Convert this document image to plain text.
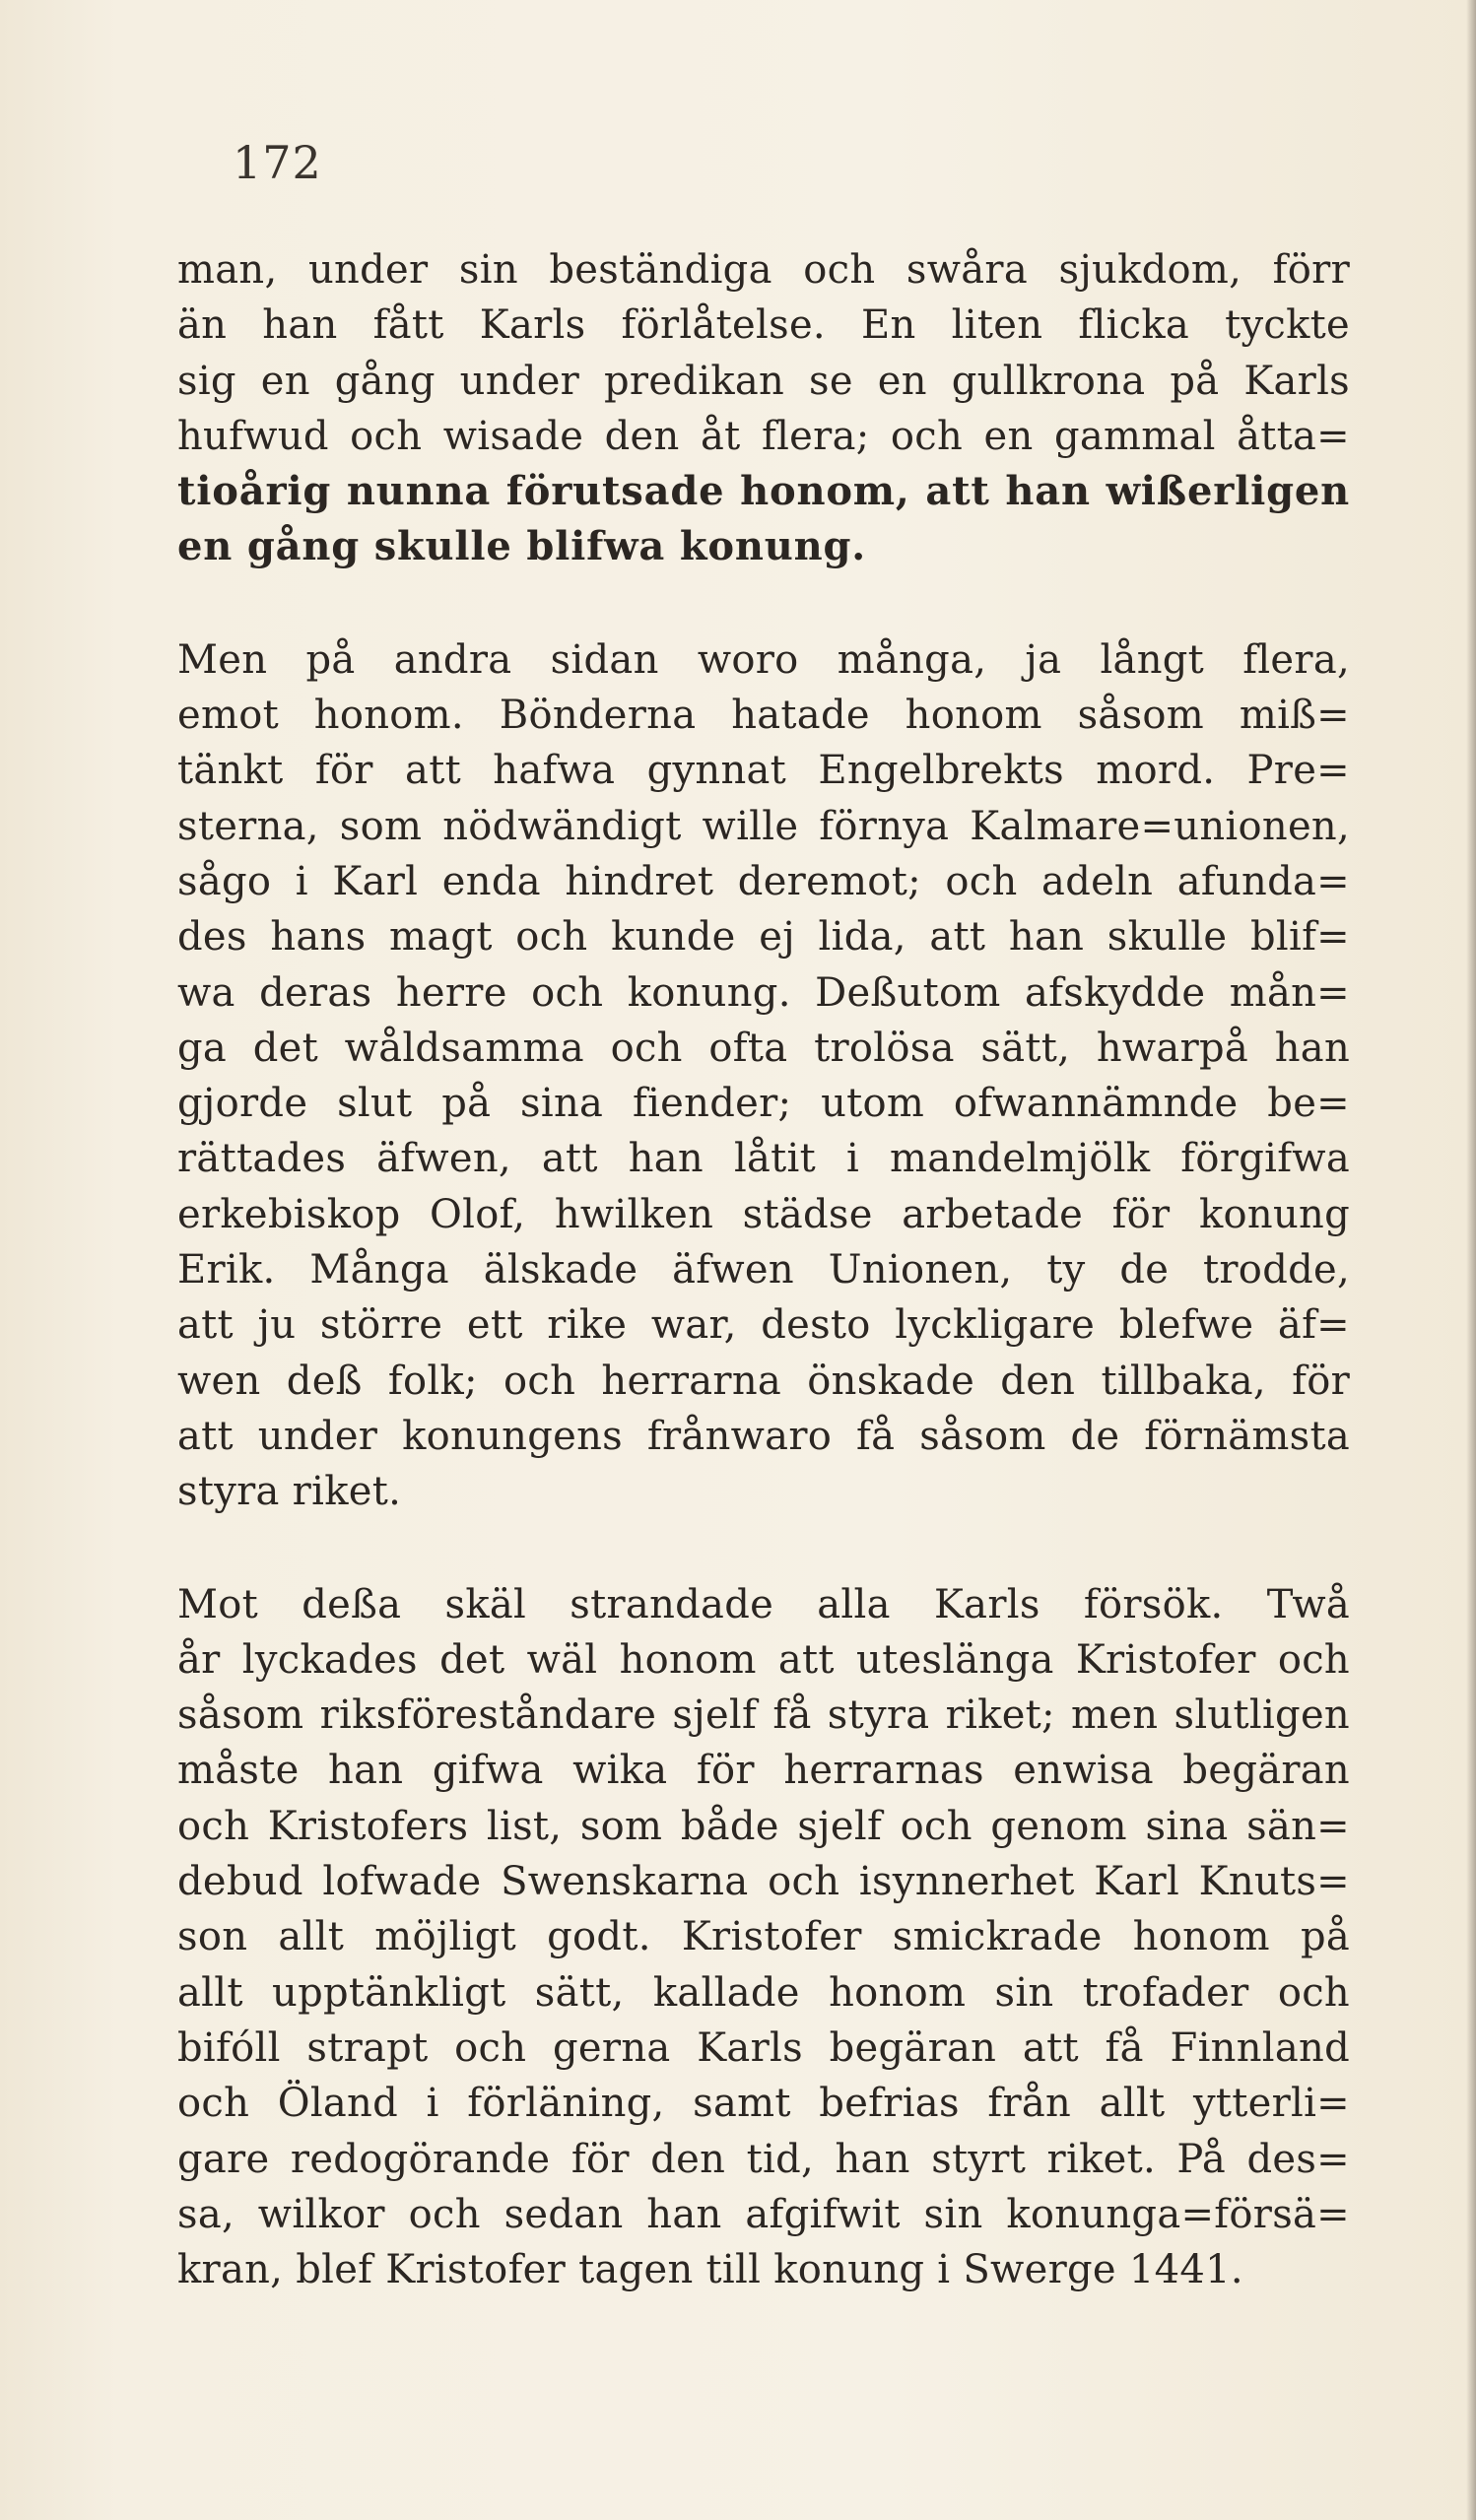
172

man, under sin beständiga och swåra sjukdom, förr
än han fått Karls förlåtelse. En liten flicka tyckte
sig en gång under predikan se en gullkrona på Karls
hufwud och wisade den åt flera; och en gammal åtta=
tioårig nunna förutsade honom, att han wißerligen
en gång skulle blifwa konung.

Men på andra sidan woro många, ja långt flera,
emot honom. Bönderna hatade honom såsom miß=
tänkt för att hafwa gynnat Engelbrekts mord. Pre=
sterna, som nödwändigt wille förnya Kalmare=unionen,
sågo i Karl enda hindret deremot; och adeln afunda=
des hans magt och kunde ej lida, att han skulle blif=
wa deras herre och konung. Deßutom afskydde mån=
ga det wåldsamma och ofta trolösa sätt, hwarpå han
gjorde slut på sina fiender; utom ofwannämnde be=
rättades äfwen, att han låtit i mandelmjölk förgifwa
erkebiskop Olof, hwilken städse arbetade för konung
Erik. Många älskade äfwen Unionen, ty de trodde,
att ju större ett rike war, desto lyckligare blefwe äf=
wen deß folk; och herrarna önskade den tillbaka, för
att under konungens frånwaro få såsom de förnämsta
styra riket.

Mot deßa skäl strandade alla Karls försök. Twå
år lyckades det wäl honom att uteslänga Kristofer och
såsom riksföreståndare sjelf få styra riket; men slutligen
måste han gifwa wika för herrarnas enwisa begäran
och Kristofers list, som både sjelf och genom sina sän=
debud lofwade Swenskarna och isynnerhet Karl Knuts=
son allt möjligt godt. Kristofer smickrade honom på
allt upptänkligt sätt, kallade honom sin trofader och
bifóll strapt och gerna Karls begäran att få Finnland
och Öland i förläning, samt befrias från allt ytterli=
gare redogörande för den tid, han styrt riket. På des=
sa, wilkor och sedan han afgifwit sin konunga=försä=
kran, blef Kristofer tagen till konung i Swerge 1441.
